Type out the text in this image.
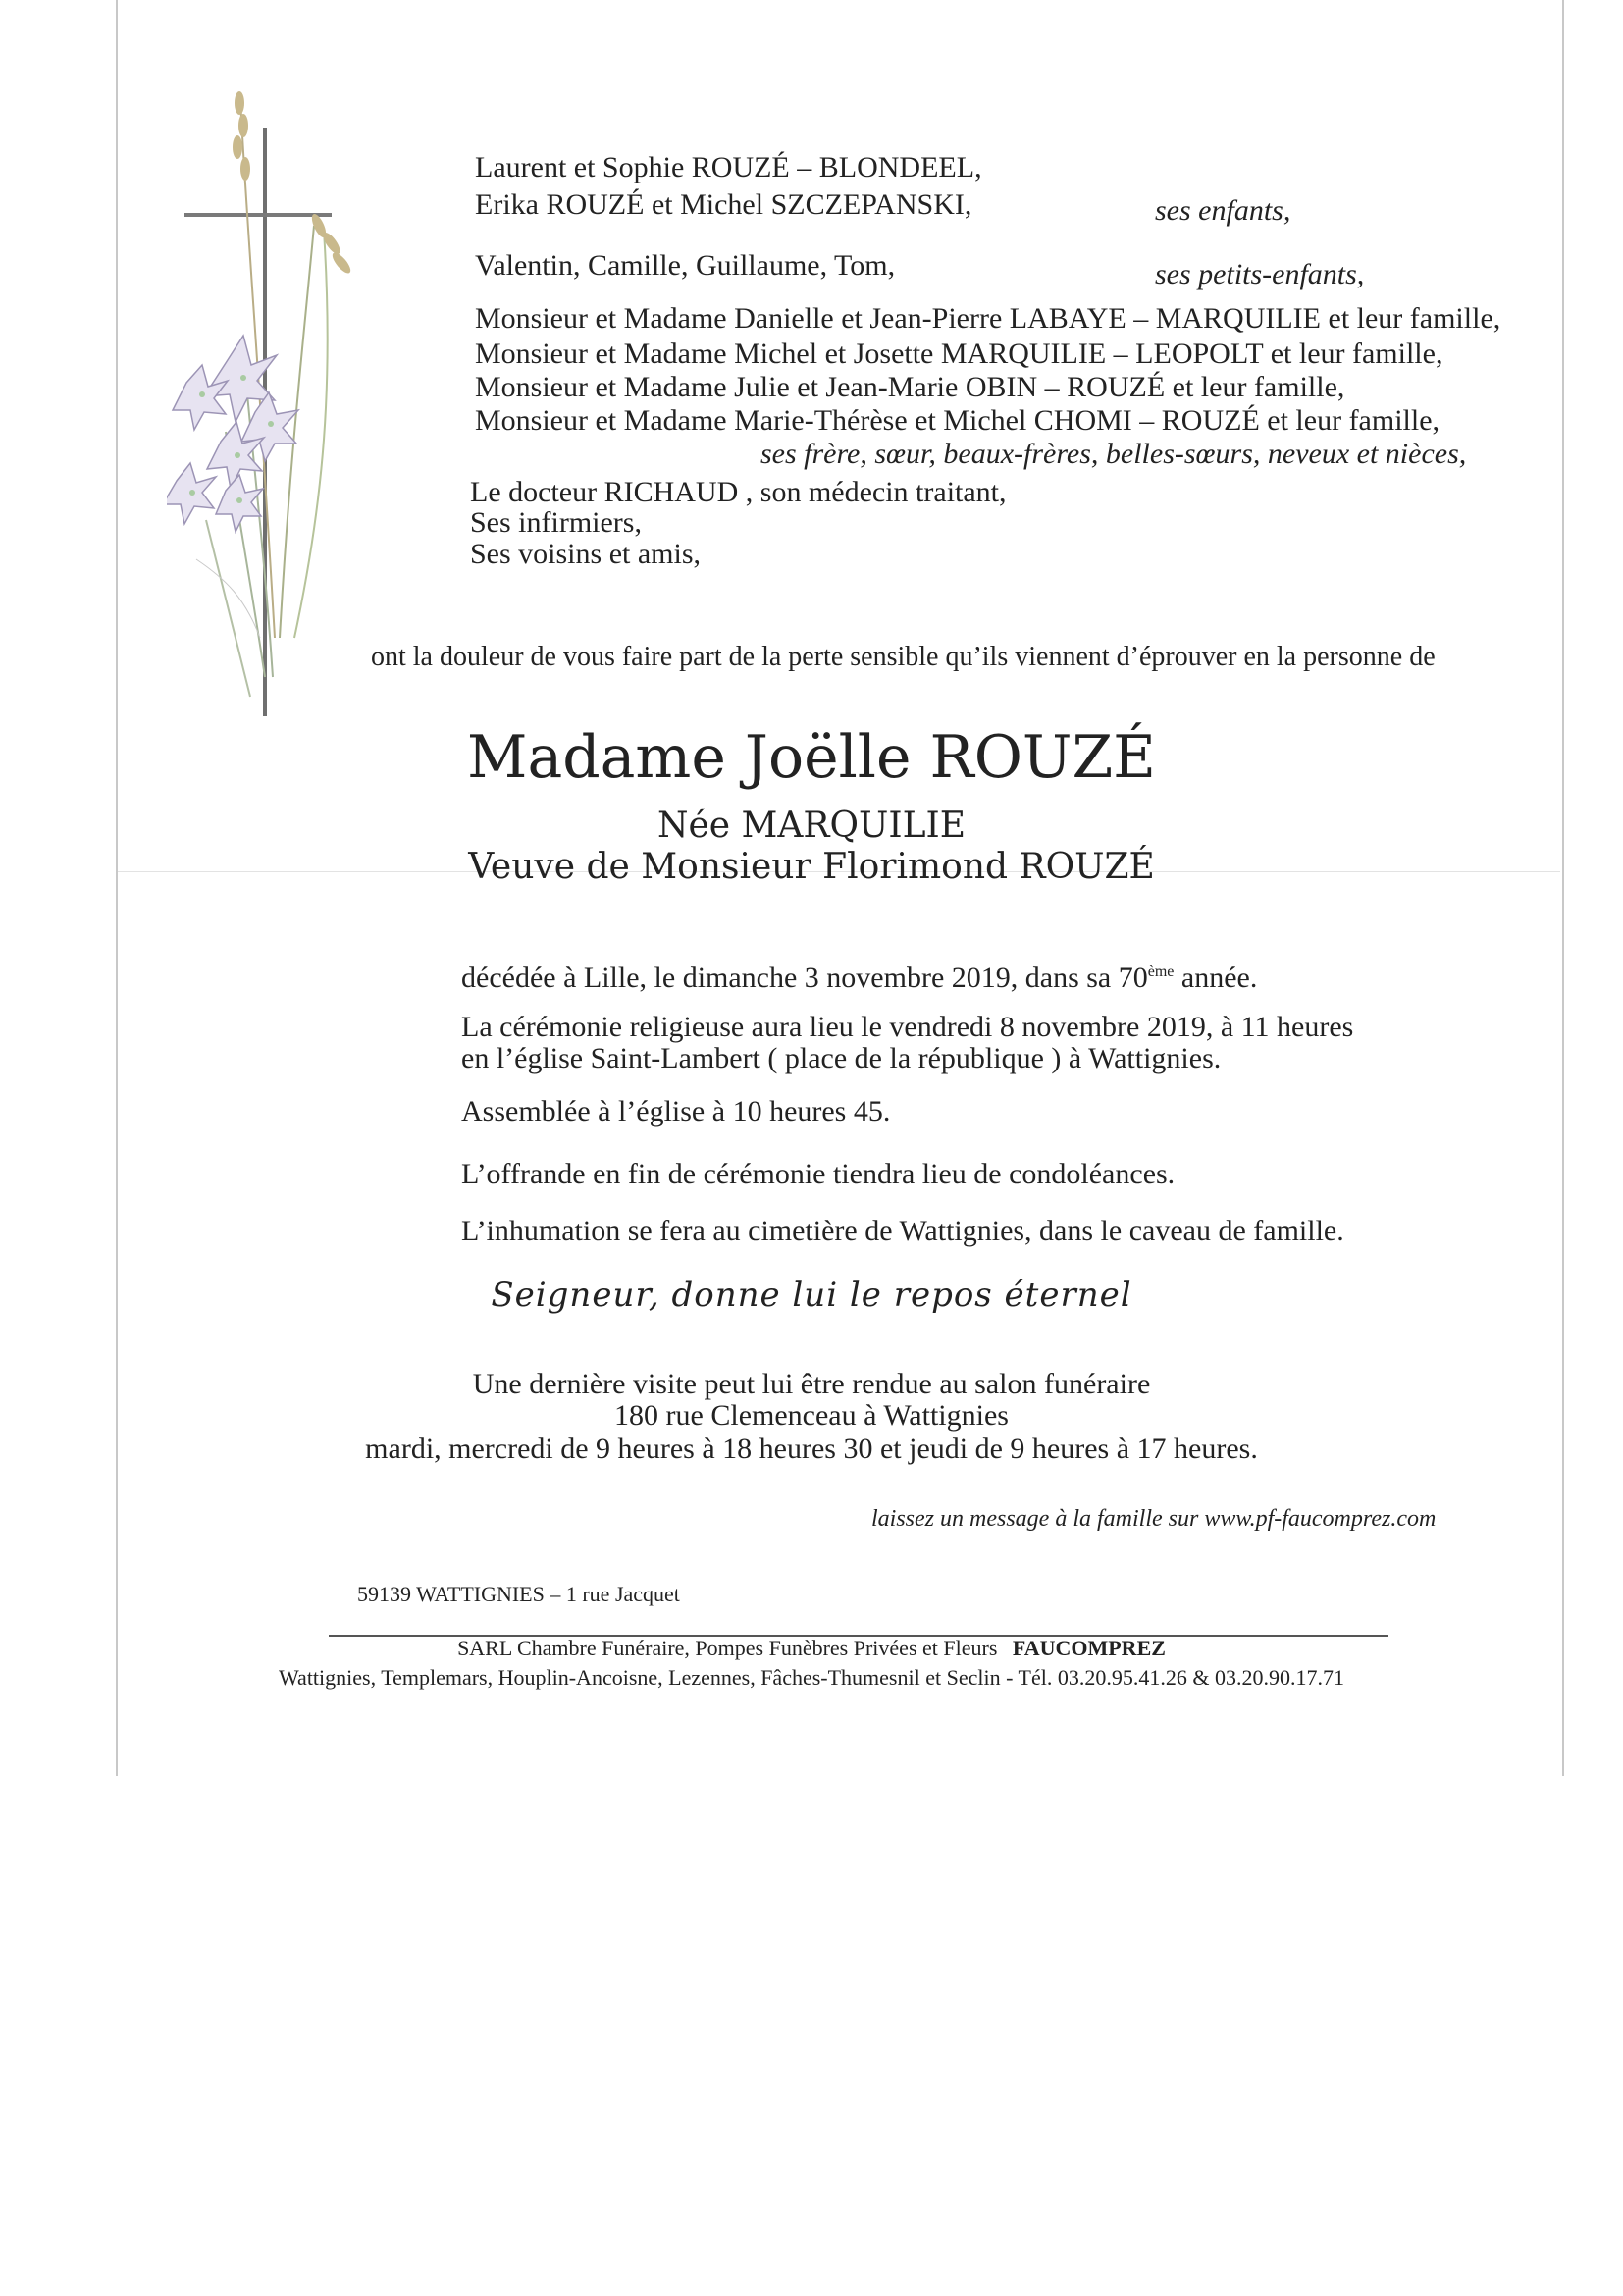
Laurent et Sophie ROUZÉ – BLONDEEL,
Erika ROUZÉ et Michel SZCZEPANSKI,	ses enfants,
Valentin, Camille, Guillaume, Tom,	ses petits-enfants,
Monsieur et Madame Danielle et Jean-Pierre LABAYE – MARQUILIE et leur famille,
Monsieur et Madame Michel et Josette MARQUILIE – LEOPOLT et leur famille,
Monsieur et Madame Julie et Jean-Marie OBIN – ROUZÉ et leur famille,
Monsieur et Madame Marie-Thérèse et Michel CHOMI – ROUZÉ et leur famille,
ses frère, sœur, beaux-frères, belles-sœurs, neveux et nièces,
Le docteur RICHAUD , son médecin traitant,
Ses infirmiers,
Ses voisins et amis,
ont la douleur de vous faire part de la perte sensible qu’ils viennent d’éprouver en la personne de
Madame Joëlle ROUZÉ
Née MARQUILIE
Veuve de Monsieur Florimond ROUZÉ
décédée à Lille, le dimanche 3 novembre 2019, dans sa 70ème année.
La cérémonie religieuse aura lieu le vendredi 8 novembre 2019, à 11 heures
en l’église Saint-Lambert ( place de la république ) à Wattignies.
Assemblée à l’église à 10 heures 45.
L’offrande en fin de cérémonie tiendra lieu de condoléances.
L’inhumation se fera au cimetière de Wattignies, dans le caveau de famille.
Seigneur, donne lui le repos éternel
Une dernière visite peut lui être rendue au salon funéraire
180 rue Clemenceau à Wattignies
mardi, mercredi de 9 heures à 18 heures 30 et jeudi de 9 heures à 17 heures.
laissez un message à la famille sur www.pf-faucomprez.com
59139 WATTIGNIES – 1 rue Jacquet
SARL Chambre Funéraire, Pompes Funèbres Privées et Fleurs FAUCOMPREZ
Wattignies, Templemars, Houplin-Ancoisne, Lezennes, Fâches-Thumesnil et Seclin - Tél. 03.20.95.41.26 & 03.20.90.17.71
